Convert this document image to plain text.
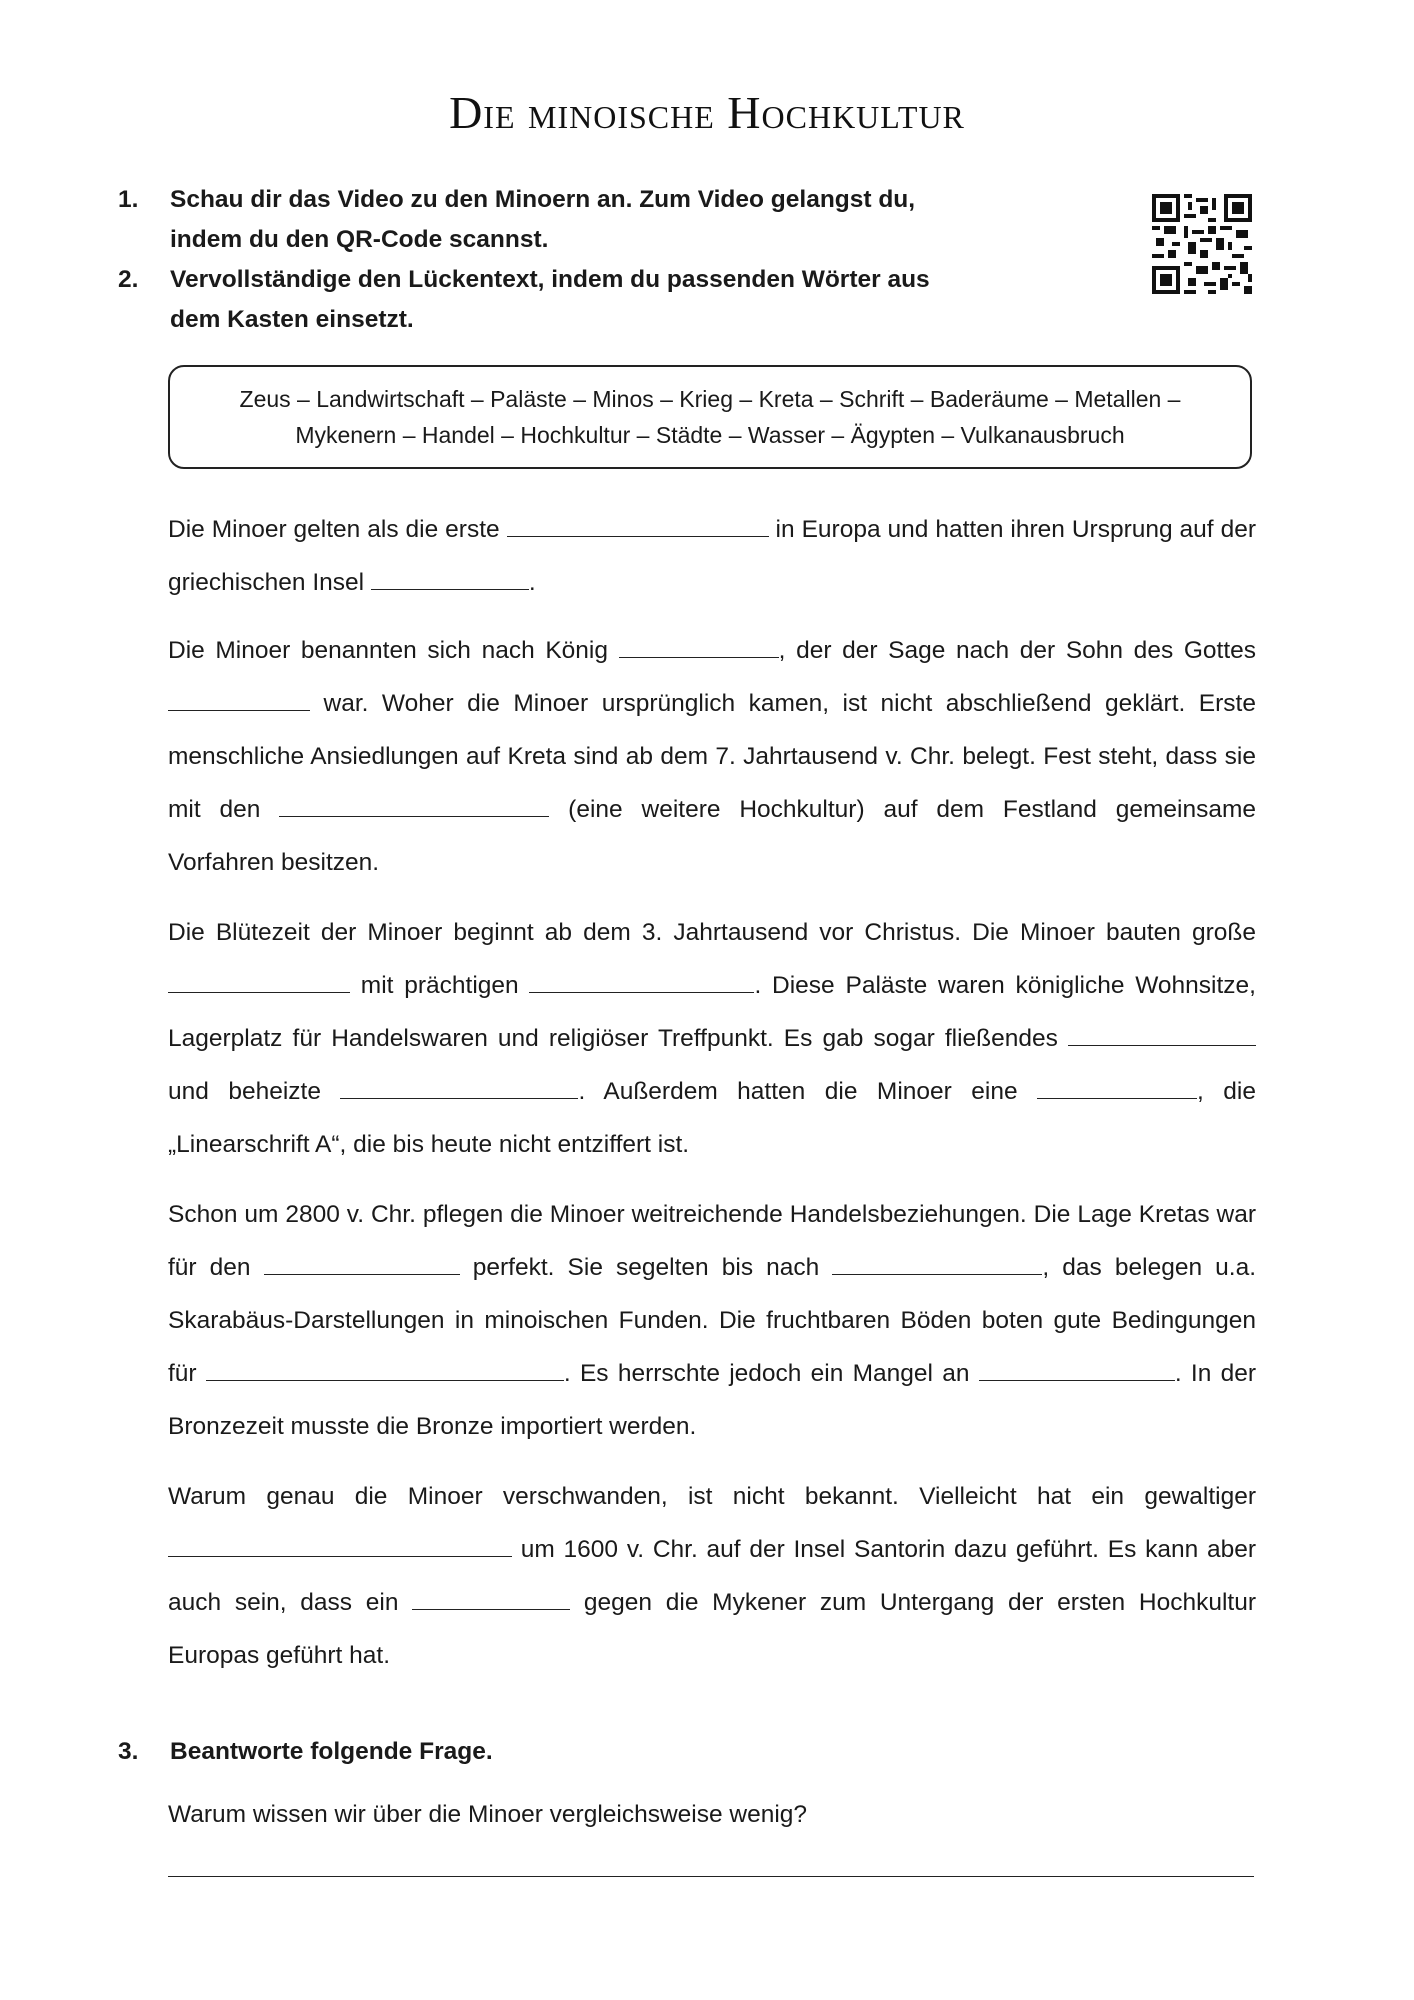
Die minoische Hochkultur
1.	Schau dir das Video zu den Minoern an. Zum Video gelangst du, indem du den QR-Code scannst.
2.	Vervollständige den Lückentext, indem du passenden Wörter aus dem Kasten einsetzt.
Zeus – Landwirtschaft – Paläste – Minos – Krieg – Kreta – Schrift – Baderäume – Metallen –
Mykenern – Handel – Hochkultur – Städte – Wasser – Ägypten – Vulkanausbruch

Die Minoer gelten als die erste	in Europa und hatten ihren Ursprung auf der griechischen Insel	.

Die Minoer benannten sich nach König	, der der Sage nach der Sohn des Gottes  war. Woher die Minoer ursprünglich kamen, ist nicht abschließend geklärt. Erste menschliche Ansiedlungen auf Kreta sind ab dem 7. Jahrtausend v. Chr. belegt. Fest steht, dass sie mit den	(eine weitere Hochkultur) auf dem Festland gemeinsame Vorfahren besitzen.

Die Blütezeit der Minoer beginnt ab dem 3. Jahrtausend vor Christus. Die Minoer bauten große  mit prächtigen	. Diese Paläste waren königliche Wohnsitze, Lagerplatz für Handelswaren und religiöser Treffpunkt. Es gab sogar fließendes  und beheizte	. Außerdem hatten die Minoer eine	, die „Linearschrift A“, die bis heute nicht entziffert ist.

Schon um 2800 v. Chr. pflegen die Minoer weitreichende Handelsbeziehungen. Die Lage Kretas war für den	perfekt. Sie segelten bis nach	, das belegen u.a. Skarabäus-Darstellungen in minoischen Funden. Die fruchtbaren Böden boten gute Bedingungen für	. Es herrschte jedoch ein Mangel an	. In der Bronzezeit musste die Bronze importiert werden.

Warum genau die Minoer verschwanden, ist nicht bekannt. Vielleicht hat ein gewaltiger  um 1600 v. Chr. auf der Insel Santorin dazu geführt. Es kann aber auch sein, dass ein	gegen die Mykener zum Untergang der ersten Hochkultur Europas geführt hat.

3.	Beantworte folgende Frage.
Warum wissen wir über die Minoer vergleichsweise wenig?
